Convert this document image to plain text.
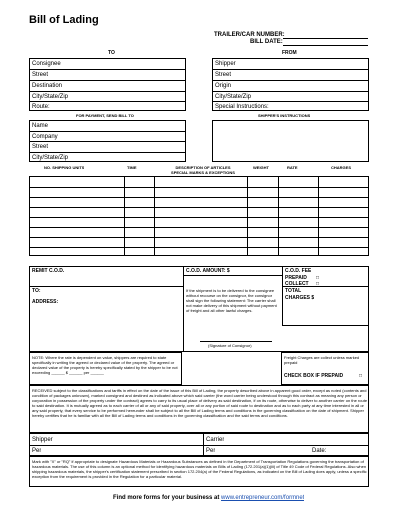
Bill of Lading
TRAILER/CAR NUMBER:
BILL DATE:
TO	FROM
Consignee
Street
Destination
City/State/Zip
Route:
Shipper
Street
Origin
City/State/Zip
Special Instructions:
FOR PAYMENT, SEND BILL TO	SHIPPER'S INSTRUCTIONS
Name
Company
Street
City/State/Zip
NO. SHIPPING UNITS	TIME	DESCRIPTION OF ARTICLES
SPECIAL MARKS & EXCEPTIONS
WEIGHT	RATE	CHARGES
REMIT C.O.D.
TO:
ADDRESS:
C.O.D. AMOUNT: $
If the shipment is to be delivered to the consignee without recourse on the consignor, the consignor shall sign the following statement: The carrier shall not make delivery of this shipment without payment of freight and all other lawful charges.
(Signature of Consignor)
C.O.D. FEE
PREPAID □
COLLECT □
TOTAL
CHARGES $
NOTE: Where the rate is dependent on value, shippers are required to state specifically in writing the agreed or declared value of the property. The agreed or declared value of the property is hereby specifically stated by the shipper to be not exceeding ______ $ ______ per ______
Freight Charges are collect unless marked prepaid
CHECK BOX IF PREPAID	□
RECEIVED subject to the classifications and tariffs in effect on the date of the issue of this Bill of Lading, the property described above in apparent good order, except as noted (contents and condition of packages unknown), marked consigned and destined as indicated above which said carrier (the word carrier being understood through this contract as meaning any person or corporation in possession of the property under the contract) agrees to carry to its usual place of delivery as said destination, if on its route, otherwise to deliver to another carrier on the route to said destination. It is mutually agreed as to each carrier of all or any of said property, over all or any portion of said route to destination and as to each party at any time interested in all or any said property, that every service to be performed hereunder shall be subject to all the Bill of Lading terms and conditions in the governing classification on the date of shipment. Shipper hereby certifies that he is familiar with all the Bill of Lading terms and conditions in the governing classification and the said terms and conditions.
Shipper	Carrier
Per	Per	Date:
Mark with "X" or "RQ" if appropriate to designate Hazardous Materials or Hazardous Substances as defined in the Department of Transportation Regulations governing the transportation of hazardous materials. The use of this column is an optional method for identifying hazardous materials on Bills of Lading (172.201(a)(1)(iii) of Title 49 Code of Federal Regulations. Also when shipping hazardous materials, the shipper's certification statement prescribed in section 172.204(a) of the Federal Regulations, as indicated on the Bill of Lading does apply, unless a specific exception from the requirement is provided in the Regulation for a particular material.
Find more forms for your business at www.entrepreneur.com/formnet
